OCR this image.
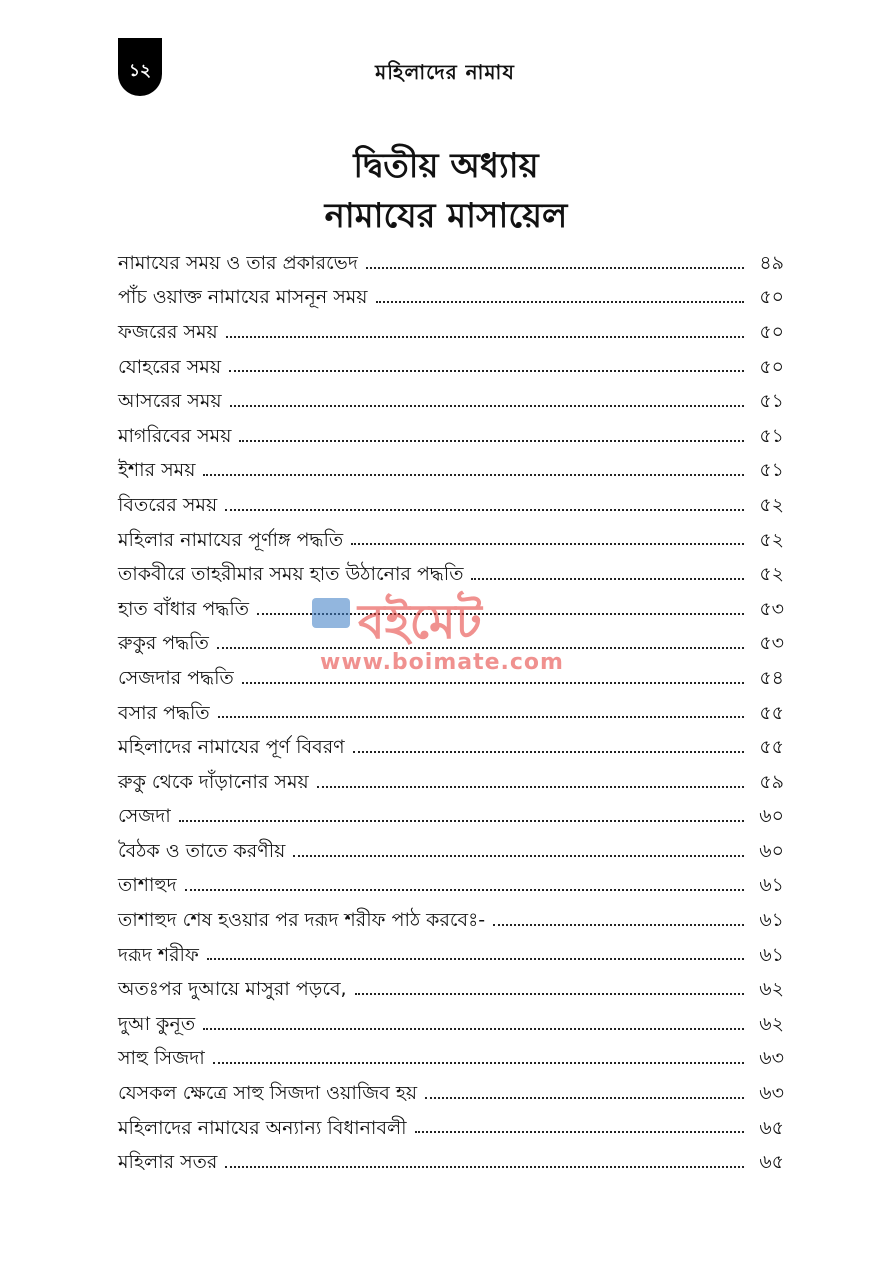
১২	মহিলাদের নামায
দ্বিতীয় অধ্যায়
নামাযের মাসায়েল
নামাযের সময় ও তার প্রকারভেদ	৪৯
পাঁচ ওয়াক্ত নামাযের মাসনূন সময়	৫০
ফজরের সময়	৫০
যোহরের সময়	৫০
আসরের সময়	৫১
মাগরিবের সময়	৫১
ইশার সময়	৫১
বিতরের সময়	৫২
মহিলার নামাযের পূর্ণাঙ্গ পদ্ধতি	৫২
তাকবীরে তাহরীমার সময় হাত উঠানোর পদ্ধতি	৫২
হাত বাঁধার পদ্ধতি	৫৩
রুকুর পদ্ধতি	৫৩
সেজদার পদ্ধতি	৫৪
বসার পদ্ধতি	৫৫
মহিলাদের নামাযের পূর্ণ বিবরণ	৫৫
রুকু থেকে দাঁড়ানোর সময়	৫৯
সেজদা	৬০
বৈঠক ও তাতে করণীয়	৬০
তাশাহুদ	৬১
তাশাহুদ শেষ হওয়ার পর দরূদ শরীফ পাঠ করবেঃ-	৬১
দরূদ শরীফ	৬১
অতঃপর দুআয়ে মাসুরা পড়বে,	৬২
দুআ কুনূত	৬২
সাহু সিজদা	৬৩
যেসকল ক্ষেত্রে সাহু সিজদা ওয়াজিব হয়	৬৩
মহিলাদের নামাযের অন্যান্য বিধানাবলী	৬৫
মহিলার সতর	৬৫
বইমেট
www.boimate.com
